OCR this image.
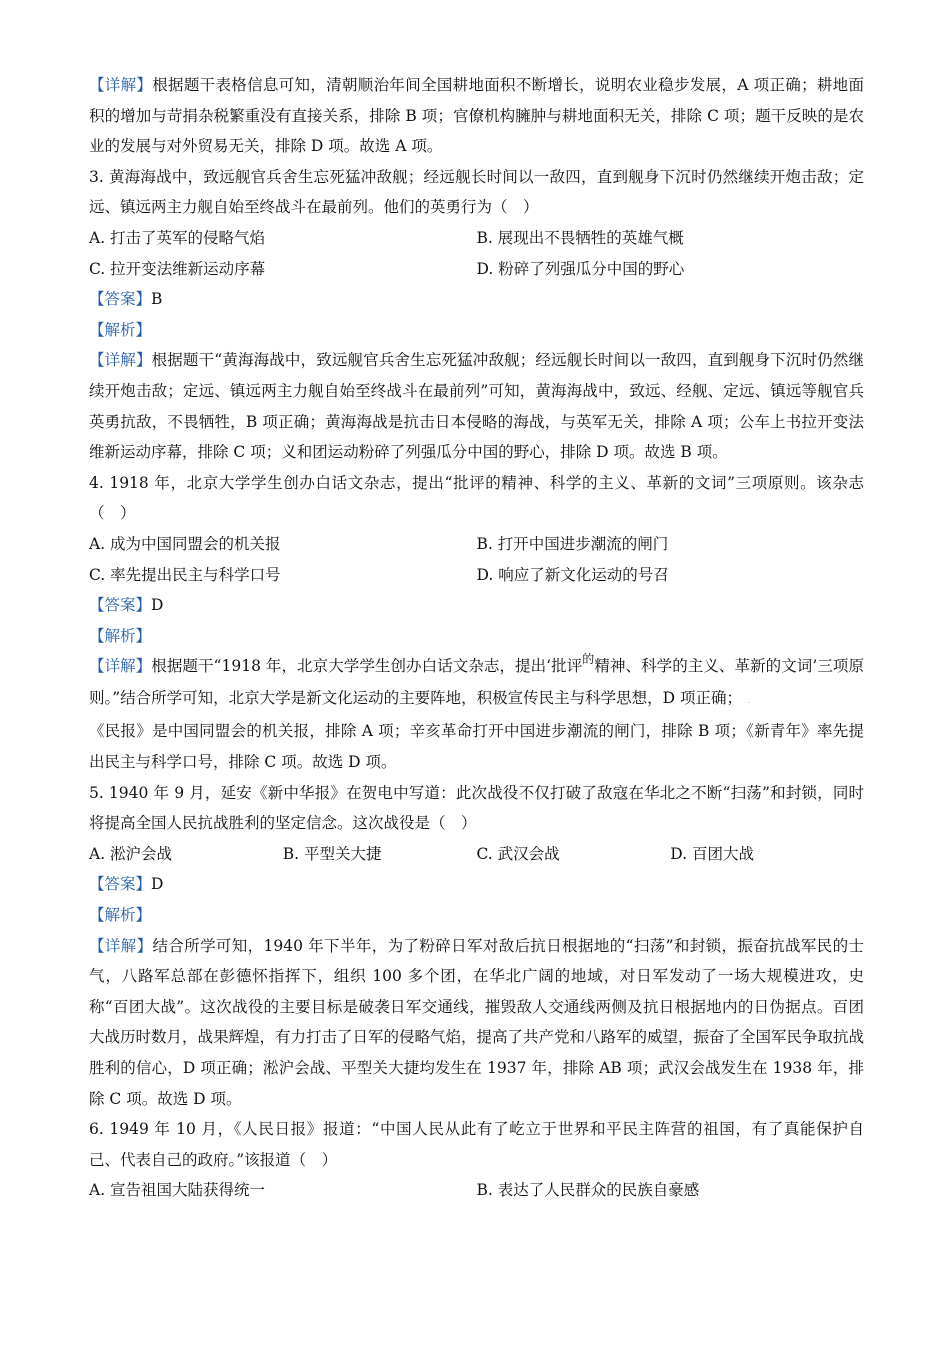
【详解】根据题干表格信息可知，清朝顺治年间全国耕地面积不断增长，说明农业稳步发展，A 项正确；耕地面积的增加与苛捐杂税繁重没有直接关系，排除 B 项；官僚机构臃肿与耕地面积无关，排除 C 项；题干反映的是农业的发展与对外贸易无关，排除 D 项。故选 A 项。
3. 黄海海战中，致远舰官兵舍生忘死猛冲敌舰；经远舰长时间以一敌四，直到舰身下沉时仍然继续开炮击敌；定远、镇远两主力舰自始至终战斗在最前列。他们的英勇行为（　）
A. 打击了英军的侵略气焰	B. 展现出不畏牺牲的英雄气概
C. 拉开变法维新运动序幕	D. 粉碎了列强瓜分中国的野心
【答案】B
【解析】
【详解】根据题干“黄海海战中，致远舰官兵舍生忘死猛冲敌舰；经远舰长时间以一敌四，直到舰身下沉时仍然继续开炮击敌；定远、镇远两主力舰自始至终战斗在最前列”可知，黄海海战中，致远、经舰、定远、镇远等舰官兵英勇抗敌，不畏牺牲，B 项正确；黄海海战是抗击日本侵略的海战，与英军无关，排除 A 项；公车上书拉开变法维新运动序幕，排除 C 项；义和团运动粉碎了列强瓜分中国的野心，排除 D 项。故选 B 项。
4. 1918 年，北京大学学生创办白话文杂志，提出“批评的精神、科学的主义、革新的文词”三项原则。该杂志（　）
A. 成为中国同盟会的机关报	B. 打开中国进步潮流的闸门
C. 率先提出民主与科学口号	D. 响应了新文化运动的号召
【答案】D
【解析】
【详解】根据题干“1918 年，北京大学学生创办白话文杂志，提出‘批评$^的$精神、科学的主义、革新的文词’三项原则。”结合所学可知，北京大学是新文化运动的主要阵地，积极宣传民主与科学思想，D 项正确； .
《民报》是中国同盟会的机关报，排除 A 项；辛亥革命打开中国进步潮流的闸门，排除 B 项；《新青年》率先提出民主与科学口号，排除 C 项。故选 D 项。
5. 1940 年 9 月，延安《新中华报》在贺电中写道：此次战役不仅打破了敌寇在华北之不断“扫荡”和封锁，同时将提高全国人民抗战胜利的坚定信念。这次战役是（　）
A. 淞沪会战	B. 平型关大捷	C. 武汉会战	D. 百团大战
【答案】D
【解析】
【详解】结合所学可知，1940 年下半年，为了粉碎日军对敌后抗日根据地的“扫荡”和封锁，振奋抗战军民的士气，八路军总部在彭德怀指挥下，组织 100 多个团，在华北广阔的地域，对日军发动了一场大规模进攻，史称“百团大战”。这次战役的主要目标是破袭日军交通线，摧毁敌人交通线两侧及抗日根据地内的日伪据点。百团大战历时数月，战果辉煌，有力打击了日军的侵略气焰，提高了共产党和八路军的威望，振奋了全国军民争取抗战胜利的信心，D 项正确；淞沪会战、平型关大捷均发生在 1937 年，排除 AB 项；武汉会战发生在 1938 年，排除 C 项。故选 D 项。
6. 1949 年 10 月，《人民日报》报道：“中国人民从此有了屹立于世界和平民主阵营的祖国，有了真能保护自己、代表自己的政府。”该报道（　）
A. 宣告祖国大陆获得统一	B. 表达了人民群众的民族自豪感
